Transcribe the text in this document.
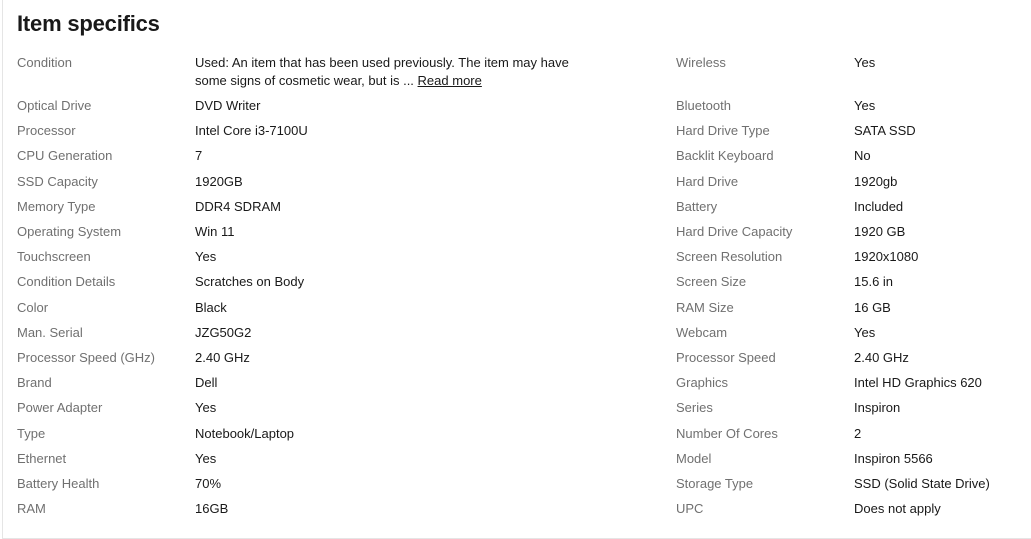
Item specifics
Condition	Used: An item that has been used previously. The item may have some signs of cosmetic wear, but is ... Read more
Optical Drive	DVD Writer
Processor	Intel Core i3-7100U
CPU Generation	7
SSD Capacity	1920GB
Memory Type	DDR4 SDRAM
Operating System	Win 11
Touchscreen	Yes
Condition Details	Scratches on Body
Color	Black
Man. Serial	JZG50G2
Processor Speed (GHz)	2.40 GHz
Brand	Dell
Power Adapter	Yes
Type	Notebook/Laptop
Ethernet	Yes
Battery Health	70%
RAM	16GB
Wireless	Yes
Bluetooth	Yes
Hard Drive Type	SATA SSD
Backlit Keyboard	No
Hard Drive	1920gb
Battery	Included
Hard Drive Capacity	1920 GB
Screen Resolution	1920x1080
Screen Size	15.6 in
RAM Size	16 GB
Webcam	Yes
Processor Speed	2.40 GHz
Graphics	Intel HD Graphics 620
Series	Inspiron
Number Of Cores	2
Model	Inspiron 5566
Storage Type	SSD (Solid State Drive)
UPC	Does not apply
